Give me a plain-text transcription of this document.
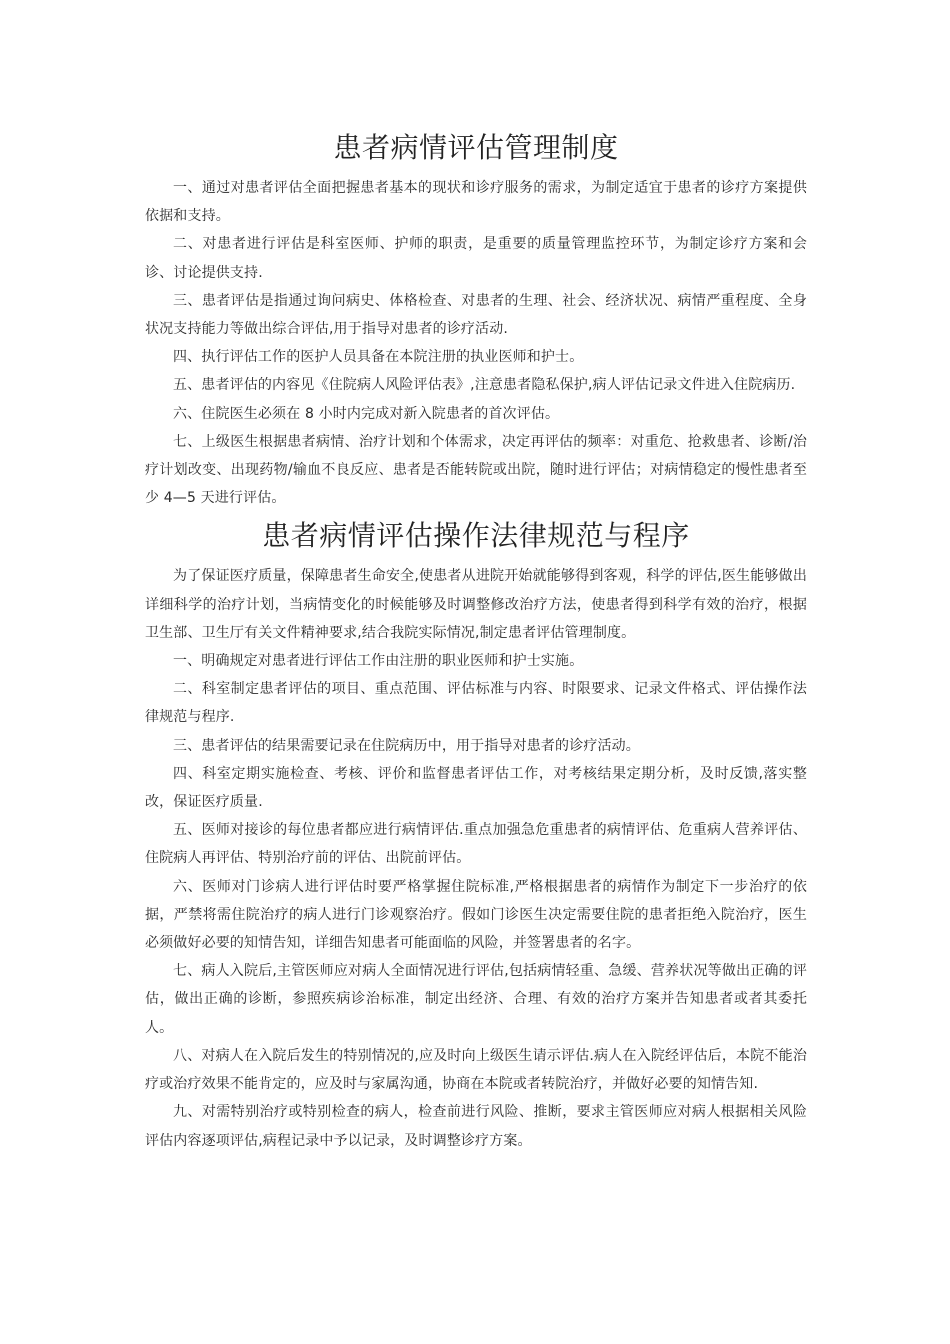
患者病情评估管理制度

一、通过对患者评估全面把握患者基本的现状和诊疗服务的需求，为制定适宜于患者的诊疗方案提供依据和支持。

二、对患者进行评估是科室医师、护师的职责，是重要的质量管理监控环节，为制定诊疗方案和会诊、讨论提供支持.

三、患者评估是指通过询问病史、体格检查、对患者的生理、社会、经济状况、病情严重程度、全身状况支持能力等做出综合评估,用于指导对患者的诊疗活动.

四、执行评估工作的医护人员具备在本院注册的执业医师和护士。

五、患者评估的内容见《住院病人风险评估表》,注意患者隐私保护,病人评估记录文件进入住院病历.

六、住院医生必须在 8 小时内完成对新入院患者的首次评估。

七、上级医生根据患者病情、治疗计划和个体需求，决定再评估的频率：对重危、抢救患者、诊断/治疗计划改变、出现药物/输血不良反应、患者是否能转院或出院，随时进行评估；对病情稳定的慢性患者至少 4—5 天进行评估。

患者病情评估操作法律规范与程序

为了保证医疗质量，保障患者生命安全,使患者从进院开始就能够得到客观，科学的评估,医生能够做出详细科学的治疗计划，当病情变化的时候能够及时调整修改治疗方法，使患者得到科学有效的治疗，根据卫生部、卫生厅有关文件精神要求,结合我院实际情况,制定患者评估管理制度。

一、明确规定对患者进行评估工作由注册的职业医师和护士实施。

二、科室制定患者评估的项目、重点范围、评估标准与内容、时限要求、记录文件格式、评估操作法律规范与程序.

三、患者评估的结果需要记录在住院病历中，用于指导对患者的诊疗活动。

四、科室定期实施检查、考核、评价和监督患者评估工作，对考核结果定期分析，及时反馈,落实整改，保证医疗质量.

五、医师对接诊的每位患者都应进行病情评估.重点加强急危重患者的病情评估、危重病人营养评估、住院病人再评估、特别治疗前的评估、出院前评估。

六、医师对门诊病人进行评估时要严格掌握住院标准,严格根据患者的病情作为制定下一步治疗的依据，严禁将需住院治疗的病人进行门诊观察治疗。假如门诊医生决定需要住院的患者拒绝入院治疗，医生必须做好必要的知情告知，详细告知患者可能面临的风险，并签署患者的名字。

七、病人入院后,主管医师应对病人全面情况进行评估,包括病情轻重、急缓、营养状况等做出正确的评估，做出正确的诊断，参照疾病诊治标准，制定出经济、合理、有效的治疗方案并告知患者或者其委托人。

八、对病人在入院后发生的特别情况的,应及时向上级医生请示评估.病人在入院经评估后，本院不能治疗或治疗效果不能肯定的，应及时与家属沟通，协商在本院或者转院治疗，并做好必要的知情告知.

九、对需特别治疗或特别检查的病人，检查前进行风险、推断，要求主管医师应对病人根据相关风险评估内容逐项评估,病程记录中予以记录，及时调整诊疗方案。
